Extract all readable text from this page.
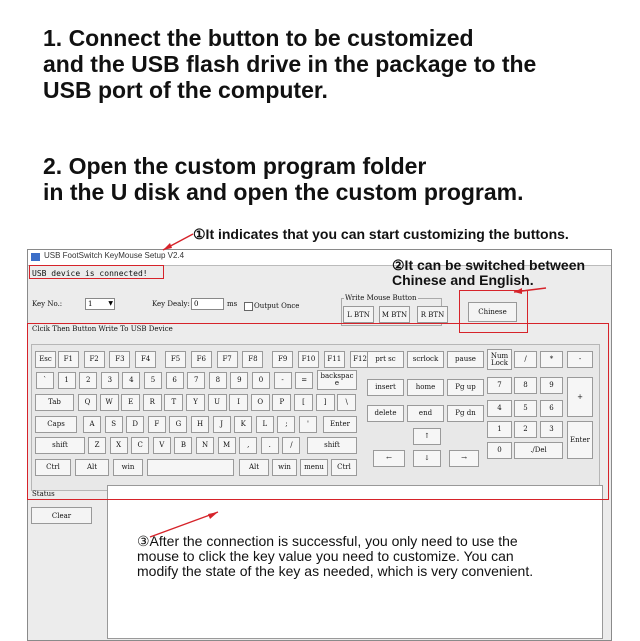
1. Connect the button to be customized
and the USB flash drive in the package to the
USB port of the computer.
2. Open the custom program folder
in the U disk and open the custom program.
①It indicates that you can start customizing the buttons.
USB FootSwitch KeyMouse Setup V2.4
USB device is connected!
Key No.:	1	▼	Key Dealy: 0	ms Output Once
Write Mouse Button
L BTN	M BTN	R BTN	Chinese
Clcik Then Button Write To USB Device
Status
Clear
Esc	F1	F2	F3	F4	F5	F6	F7	F8	F9	F10	F11	F12
`	1	2	3	4	5	6	7	8	9	0	-	=	backspac
e
Tab	Q	W	E	R	T	Y	U	I	O	P	[	]	\
Caps	A	S	D	F	G	H	J	K	L	;	'	Enter
shift	Z	X	C	V	B	N	M	,	.	/	shift
Ctrl	Alt	win	Alt	win	menu	Ctrl
prt sc	scrlock	pause
insert	home	Pg up
delete	end	Pg dn
↑
←	↓	→
Num
Lock	/	*	-
7	8	9
+
4	5	6
1	2	3
Enter
0	./Del
②It can be switched between
Chinese and English.
③After the connection is successful, you only need to use the
mouse to click the key value you need to customize. You can
modify the state of the key as needed, which is very convenient.
